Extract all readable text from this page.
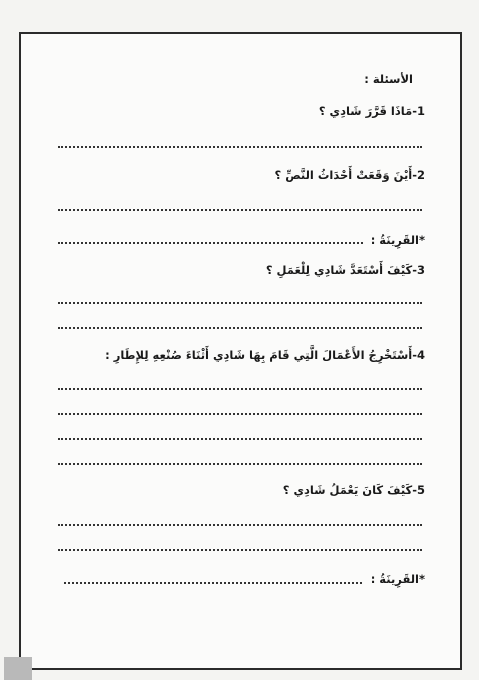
الأسئلة :
1-مَاذَا قَرَّرَ شَادِي ؟
2-أَيْنَ وَقَعَتْ أَحْدَاثُ النَّصِّ ؟
*القَرِينَةُ :
3-كَيْفَ أَسْتَعَدَّ شَادِي لِلْعَمَلِ ؟
4-أَسْتَخْرِجُ الأَعْمَالَ الَّتِي قَامَ بِهَا شَادِي أَثْنَاءَ صُنْعِهِ لِلإِطَارِ :
5-كَيْفَ كَانَ يَعْمَلُ شَادِي ؟
*القَرِينَةُ :
